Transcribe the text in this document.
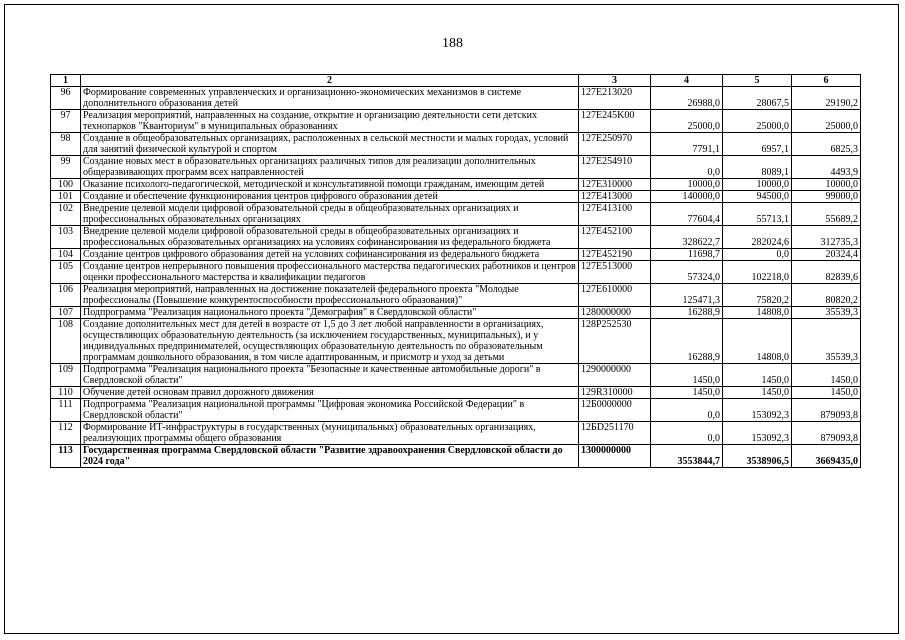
188
1	2	3	4	5	6
96	Формирование современных управленческих и организационно-экономических механизмов в системе дополнительного образования детей	127E213020	26988,0	28067,5	29190,2
97	Реализация мероприятий, направленных на создание, открытие и организацию деятельности сети детских технопарков "Кванториум" в муниципальных образованиях	127E245K00	25000,0	25000,0	25000,0
98	Создание в общеобразовательных организациях, расположенных в сельской местности и малых городах, условий для занятий физической культурой и спортом	127E250970	7791,1	6957,1	6825,3
99	Создание новых мест в образовательных организациях различных типов для реализации дополнительных общеразвивающих программ всех направленностей	127E254910	0,0	8089,1	4493,9
100	Оказание психолого-педагогической, методической и консультативной помощи гражданам, имеющим детей	127E310000	10000,0	10000,0	10000,0
101	Создание и обеспечение функционирования центров цифрового образования детей	127E413000	140000,0	94500,0	99000,0
102	Внедрение целевой модели цифровой образовательной среды в общеобразовательных организациях и профессиональных образовательных организациях	127E413100	77604,4	55713,1	55689,2
103	Внедрение целевой модели цифровой образовательной среды в общеобразовательных организациях и профессиональных образовательных организациях на условиях софинансирования из федерального бюджета	127E452100	328622,7	282024,6	312735,3
104	Создание центров цифрового образования детей на условиях софинансирования из федерального бюджета	127E452190	11698,7	0,0	20324,4
105	Создание центров непрерывного повышения профессионального мастерства педагогических работников и центров оценки профессионального мастерства и квалификации педагогов	127E513000	57324,0	102218,0	82839,6
106	Реализация мероприятий, направленных на достижение показателей федерального проекта "Молодые профессионалы (Повышение конкурентоспособности профессионального образования)"	127E610000	125471,3	75820,2	80820,2
107	Подпрограмма "Реализация национального проекта "Демография" в Свердловской области"	1280000000	16288,9	14808,0	35539,3
108	Создание дополнительных мест для детей в возрасте от 1,5 до 3 лет любой направленности в организациях, осуществляющих образовательную деятельность (за исключением государственных, муниципальных), и у индивидуальных предпринимателей, осуществляющих образовательную деятельность по образовательным программам дошкольного образования, в том числе адаптированным, и присмотр и уход за детьми	128P252530	16288,9	14808,0	35539,3
109	Подпрограмма "Реализация национального проекта "Безопасные и качественные автомобильные дороги" в Свердловской области"	1290000000	1450,0	1450,0	1450,0
110	Обучение детей основам правил дорожного движения	129R310000	1450,0	1450,0	1450,0
111	Подпрограмма "Реализация национальной программы "Цифровая экономика Российской Федерации" в Свердловской области"	12Б0000000	0,0	153092,3	879093,8
112	Формирование ИТ-инфраструктуры в государственных (муниципальных) образовательных организациях, реализующих программы общего образования	12БD251170	0,0	153092,3	879093,8
113	Государственная программа Свердловской области "Развитие здравоохранения Свердловской области до 2024 года"	1300000000	3553844,7	3538906,5	3669435,0
